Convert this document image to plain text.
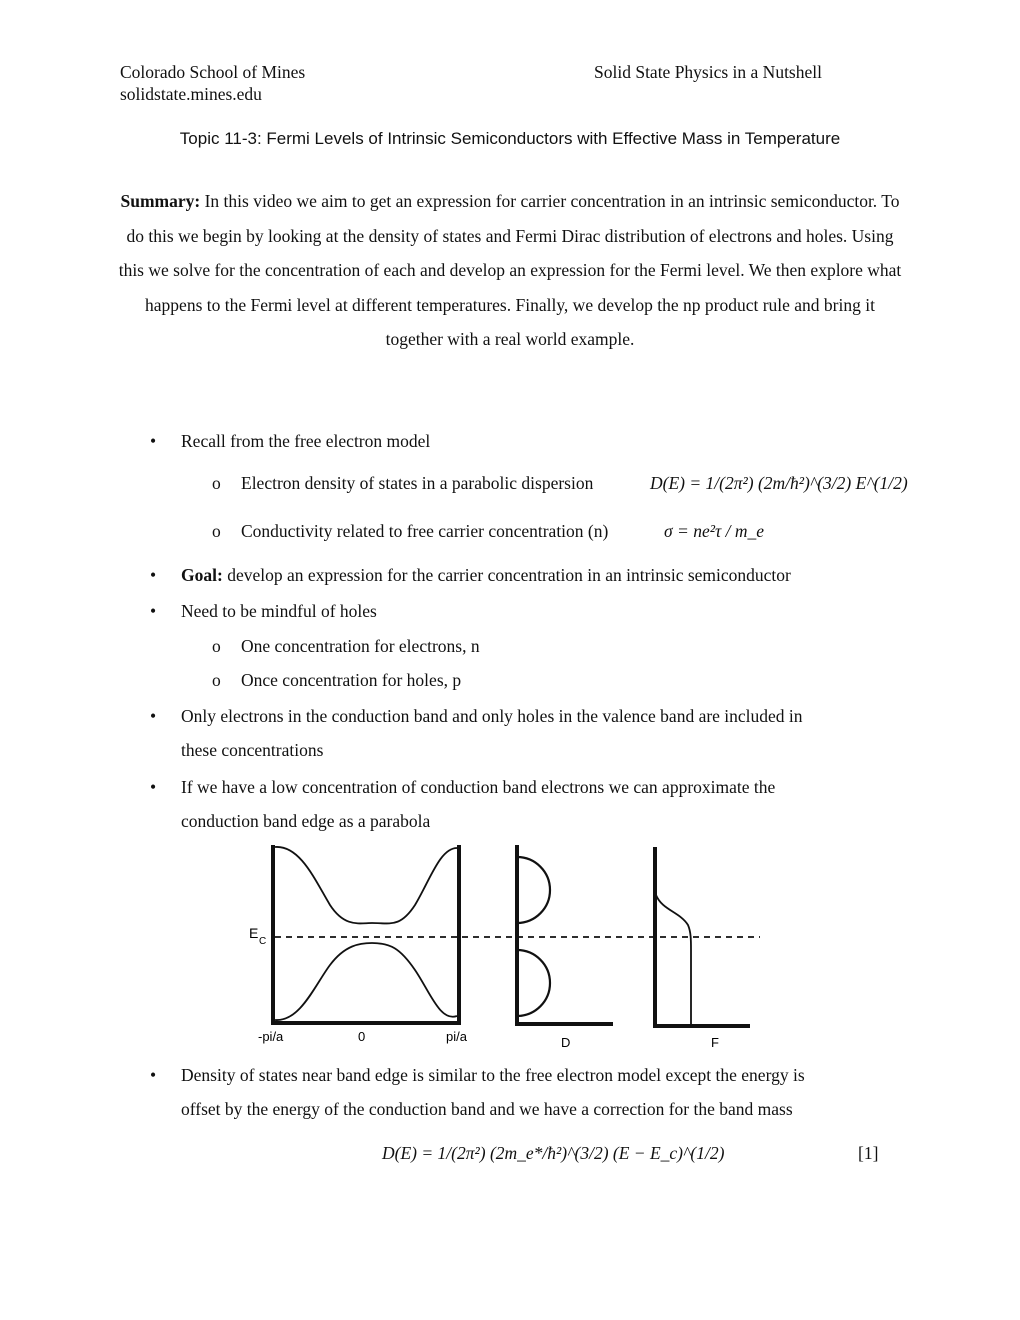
Colorado School of Mines	Solid State Physics in a Nutshell
solidstate.mines.edu
Topic 11-3: Fermi Levels of Intrinsic Semiconductors with Effective Mass in Temperature
Summary: In this video we aim to get an expression for carrier concentration in an intrinsic semiconductor. To do this we begin by looking at the density of states and Fermi Dirac distribution of electrons and holes. Using this we solve for the concentration of each and develop an expression for the Fermi level. We then explore what happens to the Fermi level at different temperatures. Finally, we develop the np product rule and bring it together with a real world example.
•	Recall from the free electron model
o	Electron density of states in a parabolic dispersion	D(E) = 1/(2π²) (2m/ħ²)^(3/2) E^(1/2)
o	Conductivity related to free carrier concentration (n)	σ = ne²τ / m_e
•	Goal: develop an expression for the carrier concentration in an intrinsic semiconductor
•	Need to be mindful of holes
o	One concentration for electrons, n
o	Once concentration for holes, p
•	Only electrons in the conduction band and only holes in the valence band are included in
these concentrations
•	If we have a low concentration of conduction band electrons we can approximate the
conduction band edge as a parabola
E
C
-pi/a	0	pi/a	D	F
•	Density of states near band edge is similar to the free electron model except the energy is
offset by the energy of the conduction band and we have a correction for the band mass
D(E) = 1/(2π²) (2m_e*/ħ²)^(3/2) (E − E_c)^(1/2)	[1]
